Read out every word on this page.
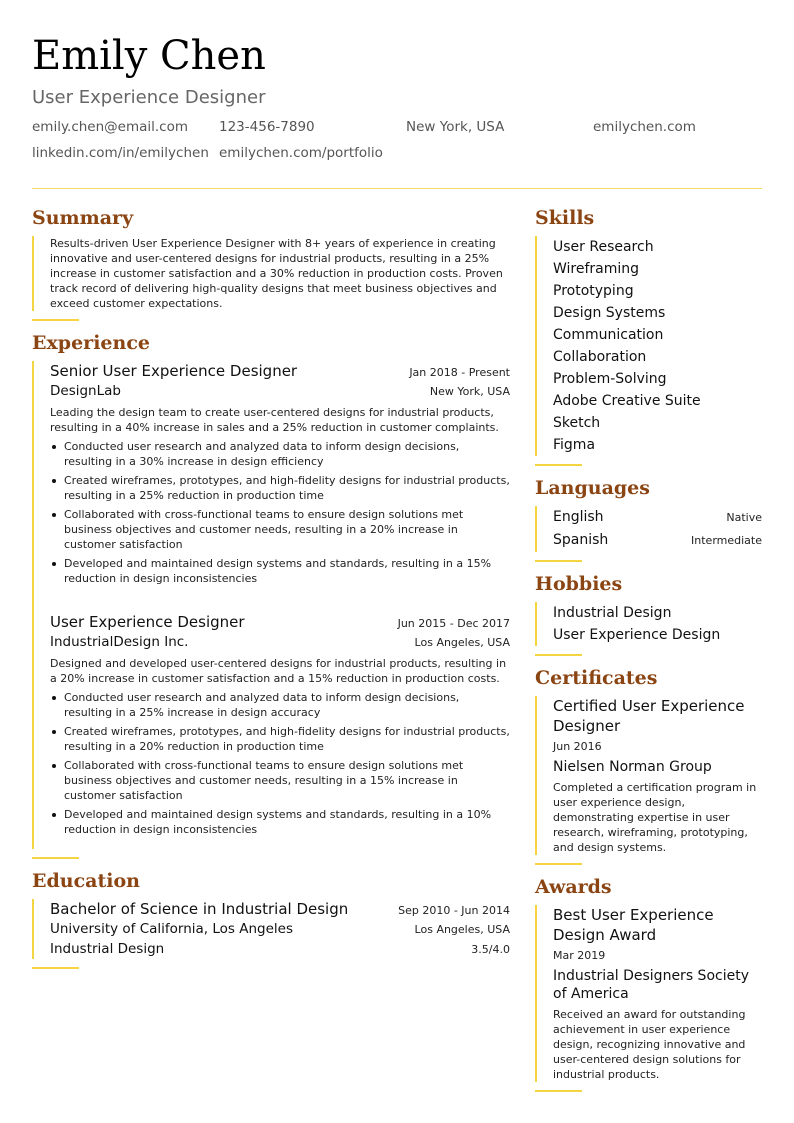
Emily Chen
User Experience Designer
emily.chen@email.com	123-456-7890	New York, USA	emilychen.com
linkedin.com/in/emilychen emilychen.com/portfolio
Summary

Results-driven User Experience Designer with 8+ years of experience in creating innovative and user-centered designs for industrial products, resulting in a 25% increase in customer satisfaction and a 30% reduction in production costs. Proven track record of delivering high-quality designs that meet business objectives and exceed customer expectations.

Experience
Senior User Experience Designer	Jan 2018 - Present
DesignLab	New York, USA

Leading the design team to create user-centered designs for industrial products, resulting in a 40% increase in sales and a 25% reduction in customer complaints.

Conducted user research and analyzed data to inform design decisions, resulting in a 30% increase in design efficiency
Created wireframes, prototypes, and high-fidelity designs for industrial products, resulting in a 25% reduction in production time
Collaborated with cross-functional teams to ensure design solutions met business objectives and customer needs, resulting in a 20% increase in customer satisfaction
Developed and maintained design systems and standards, resulting in a 15% reduction in design inconsistencies
User Experience Designer	Jun 2015 - Dec 2017
IndustrialDesign Inc.	Los Angeles, USA

Designed and developed user-centered designs for industrial products, resulting in a 20% increase in customer satisfaction and a 15% reduction in production costs.

Conducted user research and analyzed data to inform design decisions, resulting in a 25% increase in design accuracy
Created wireframes, prototypes, and high-fidelity designs for industrial products, resulting in a 20% reduction in production time
Collaborated with cross-functional teams to ensure design solutions met business objectives and customer needs, resulting in a 15% increase in customer satisfaction
Developed and maintained design systems and standards, resulting in a 10% reduction in design inconsistencies
Education
Bachelor of Science in Industrial Design	Sep 2010 - Jun 2014
University of California, Los Angeles	Los Angeles, USA
Industrial Design	3.5/4.0
Skills
User Research
Wireframing
Prototyping
Design Systems
Communication
Collaboration
Problem-Solving
Adobe Creative Suite
Sketch
Figma
Languages
English	Native
Spanish	Intermediate
Hobbies
Industrial Design
User Experience Design
Certificates
Certified User Experience Designer
Jun 2016
Nielsen Norman Group
Completed a certification program in user experience design, demonstrating expertise in user research, wireframing, prototyping, and design systems.
Awards
Best User Experience Design Award
Mar 2019
Industrial Designers Society of America
Received an award for outstanding achievement in user experience design, recognizing innovative and user-centered design solutions for industrial products.
